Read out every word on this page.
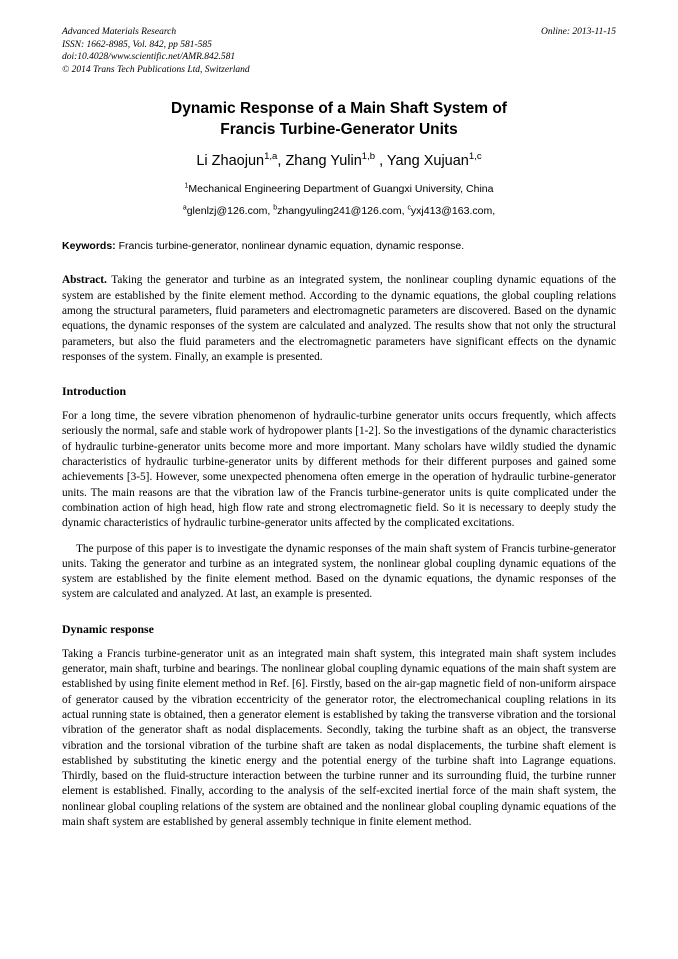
Advanced Materials Research
ISSN: 1662-8985, Vol. 842, pp 581-585
doi:10.4028/www.scientific.net/AMR.842.581
© 2014 Trans Tech Publications Ltd, Switzerland
Online: 2013-11-15
Dynamic Response of a Main Shaft System of
Francis Turbine-Generator Units
Li Zhaojun$^{1,a}$, Zhang Yulin$^{1,b}$ , Yang Xujuan$^{1,c}$
$^1$Mechanical Engineering Department of Guangxi University, China
$^a$glenlzj@126.com, $^b$zhangyuling241@126.com, $^c$yxj413@163.com,
Keywords: Francis turbine-generator, nonlinear dynamic equation, dynamic response.
Abstract. Taking the generator and turbine as an integrated system, the nonlinear coupling dynamic equations of the system are established by the finite element method. According to the dynamic equations, the global coupling relations among the structural parameters, fluid parameters and electromagnetic parameters are discovered. Based on the dynamic equations, the dynamic responses of the system are calculated and analyzed. The results show that not only the structural parameters, but also the fluid parameters and the electromagnetic parameters have significant effects on the dynamic responses of the system. Finally, an example is presented.
Introduction

For a long time, the severe vibration phenomenon of hydraulic-turbine generator units occurs frequently, which affects seriously the normal, safe and stable work of hydropower plants [1-2]. So the investigations of the dynamic characteristics of hydraulic turbine-generator units become more and more important. Many scholars have wildly studied the dynamic characteristics of hydraulic turbine-generator units by different methods for their different purposes and gained some achievements [3-5]. However, some unexpected phenomena often emerge in the operation of hydraulic turbine-generator units. The main reasons are that the vibration law of the Francis turbine-generator units is quite complicated under the combination action of high head, high flow rate and strong electromagnetic field. So it is necessary to deeply study the dynamic characteristics of hydraulic turbine-generator units affected by the complicated excitations.

The purpose of this paper is to investigate the dynamic responses of the main shaft system of Francis turbine-generator units. Taking the generator and turbine as an integrated system, the nonlinear global coupling dynamic equations of the system are established by the finite element method. Based on the dynamic equations, the dynamic responses of the system are calculated and analyzed. At last, an example is presented.

Dynamic response

Taking a Francis turbine-generator unit as an integrated main shaft system, this integrated main shaft system includes generator, main shaft, turbine and bearings. The nonlinear global coupling dynamic equations of the main shaft system are established by using finite element method in Ref. [6]. Firstly, based on the air-gap magnetic field of non-uniform airspace of generator caused by the vibration eccentricity of the generator rotor, the electromechanical coupling relations in its actual running state is obtained, then a generator element is established by taking the transverse vibration and the torsional vibration of the generator shaft as nodal displacements. Secondly, taking the turbine shaft as an object, the transverse vibration and the torsional vibration of the turbine shaft are taken as nodal displacements, the turbine shaft element is established by substituting the kinetic energy and the potential energy of the turbine shaft into Lagrange equations. Thirdly, based on the fluid-structure interaction between the turbine runner and its surrounding fluid, the turbine runner element is established. Finally, according to the analysis of the self-excited inertial force of the main shaft system, the nonlinear global coupling relations of the system are obtained and the nonlinear global coupling dynamic equations of the main shaft system are established by general assembly technique in finite element method.
